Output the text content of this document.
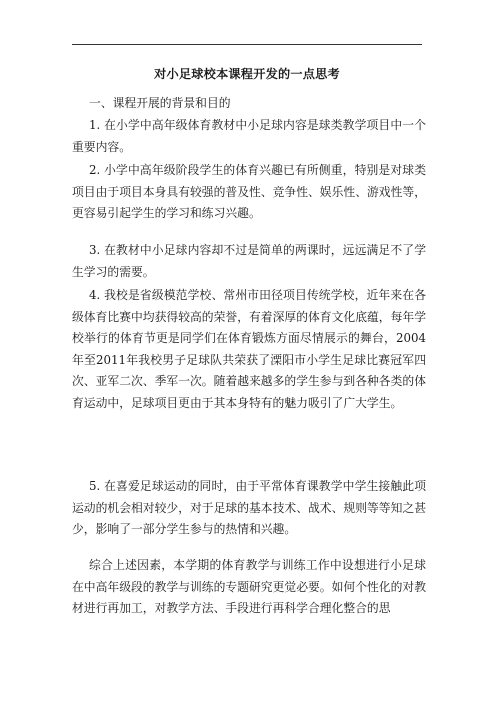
对小足球校本课程开发的一点思考
一、课程开展的背景和目的
1. 在小学中高年级体育教材中小足球内容是球类教学项目中一个重要内容。
2. 小学中高年级阶段学生的体育兴趣已有所侧重，特别是对球类项目由于项目本身具有较强的普及性、竞争性、娱乐性、游戏性等，更容易引起学生的学习和练习兴趣。
3. 在教材中小足球内容却不过是简单的两课时，远远满足不了学生学习的需要。
4. 我校是省级模范学校、常州市田径项目传统学校，近年来在各级体育比赛中均获得较高的荣誉，有着深厚的体育文化底蕴，每年学校举行的体育节更是同学们在体育锻炼方面尽情展示的舞台，2004年至2011年我校男子足球队共荣获了溧阳市小学生足球比赛冠军四次、亚军二次、季军一次。随着越来越多的学生参与到各种各类的体育运动中，足球项目更由于其本身特有的魅力吸引了广大学生。
5. 在喜爱足球运动的同时，由于平常体育课教学中学生接触此项运动的机会相对较少，对于足球的基本技术、战术、规则等等知之甚少，影响了一部分学生参与的热情和兴趣。
综合上述因素，本学期的体育教学与训练工作中设想进行小足球在中高年级段的教学与训练的专题研究更觉必要。如何个性化的对教材进行再加工，对教学方法、手段进行再科学合理化整合的思
